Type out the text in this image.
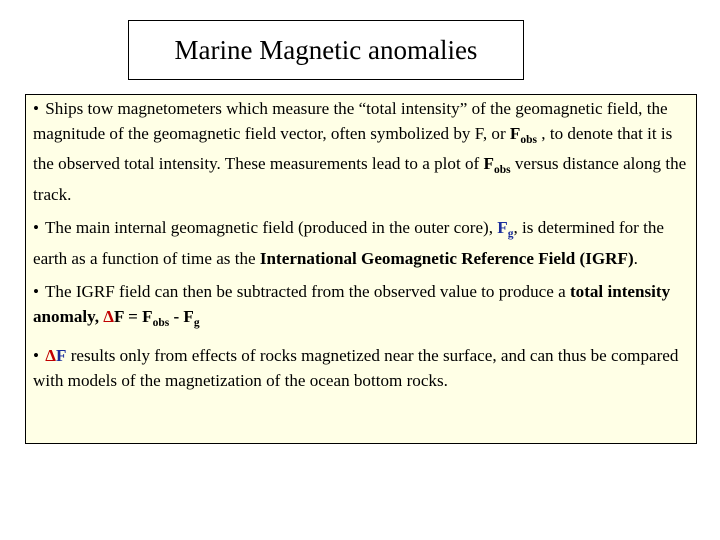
Marine Magnetic anomalies

• Ships tow magnetometers which measure the “total intensity” of the geomagnetic field, the magnitude of the geomagnetic field vector, often symbolized by F, or $F_{obs}$ , to denote that it is the observed total intensity. These measurements lead to a plot of $F_{obs}$ versus distance along the track.

• The main internal geomagnetic field (produced in the outer core), $F_g$, is determined for the earth as a function of time as the International Geomagnetic Reference Field (IGRF).

• The IGRF field can then be subtracted from the observed value to produce a total intensity anomaly, $\Delta F = F_{obs} - F_g$

• ΔF results only from effects of rocks magnetized near the surface, and can thus be compared with models of the magnetization of the ocean bottom rocks.
